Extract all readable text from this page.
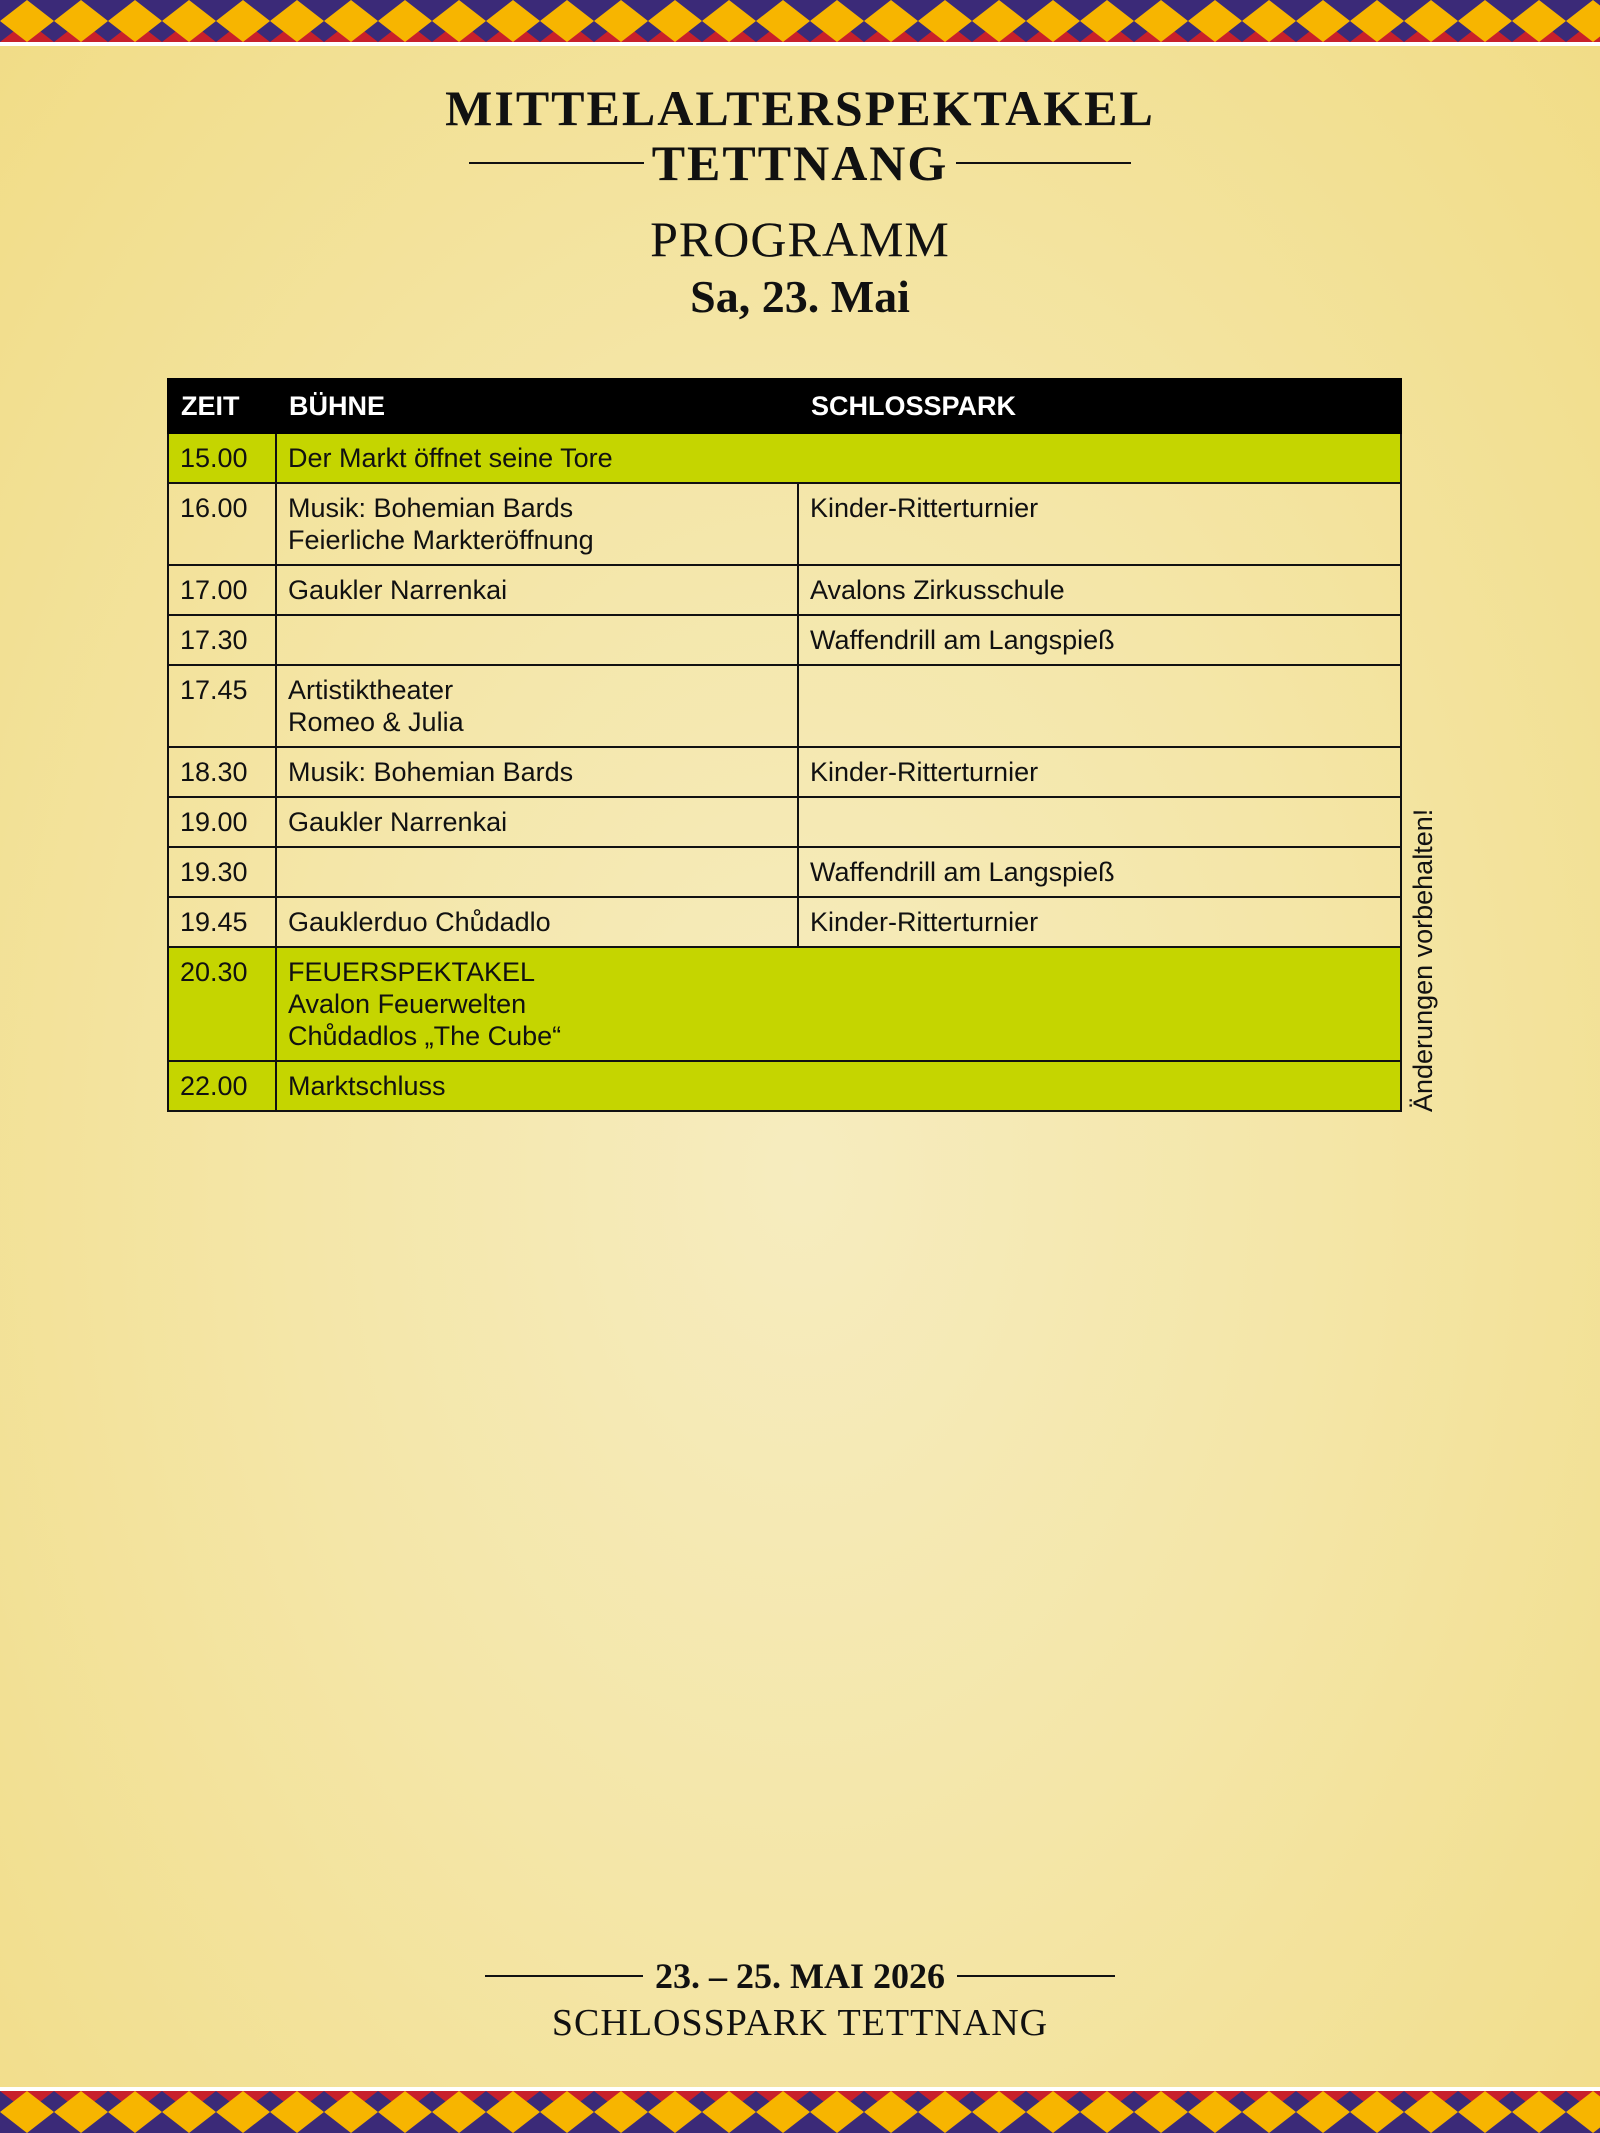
MITTELALTERSPEKTAKEL
TETTNANG
PROGRAMM
Sa, 23. Mai
ZEIT	BÜHNE	SCHLOSSPARK
15.00	Der Markt öffnet seine Tore	

16.00	Musik: Bohemian Bards
Feierliche Markteröffnung	Kinder-Ritterturnier

17.00	Gaukler Narrenkai	Avalons Zirkusschule

17.30		Waffendrill am Langspieß

17.45	Artistiktheater
Romeo & Julia	

18.30	Musik: Bohemian Bards	Kinder-Ritterturnier

19.00	Gaukler Narrenkai	

19.30		Waffendrill am Langspieß

19.45	Gauklerduo Chůdadlo	Kinder-Ritterturnier

20.30	FEUERSPEKTAKEL
Avalon Feuerwelten
Chůdadlos „The Cube“	

22.00	Marktschluss		Änderungen vorbehalten!
23. – 25. MAI 2026
SCHLOSSPARK TETTNANG
